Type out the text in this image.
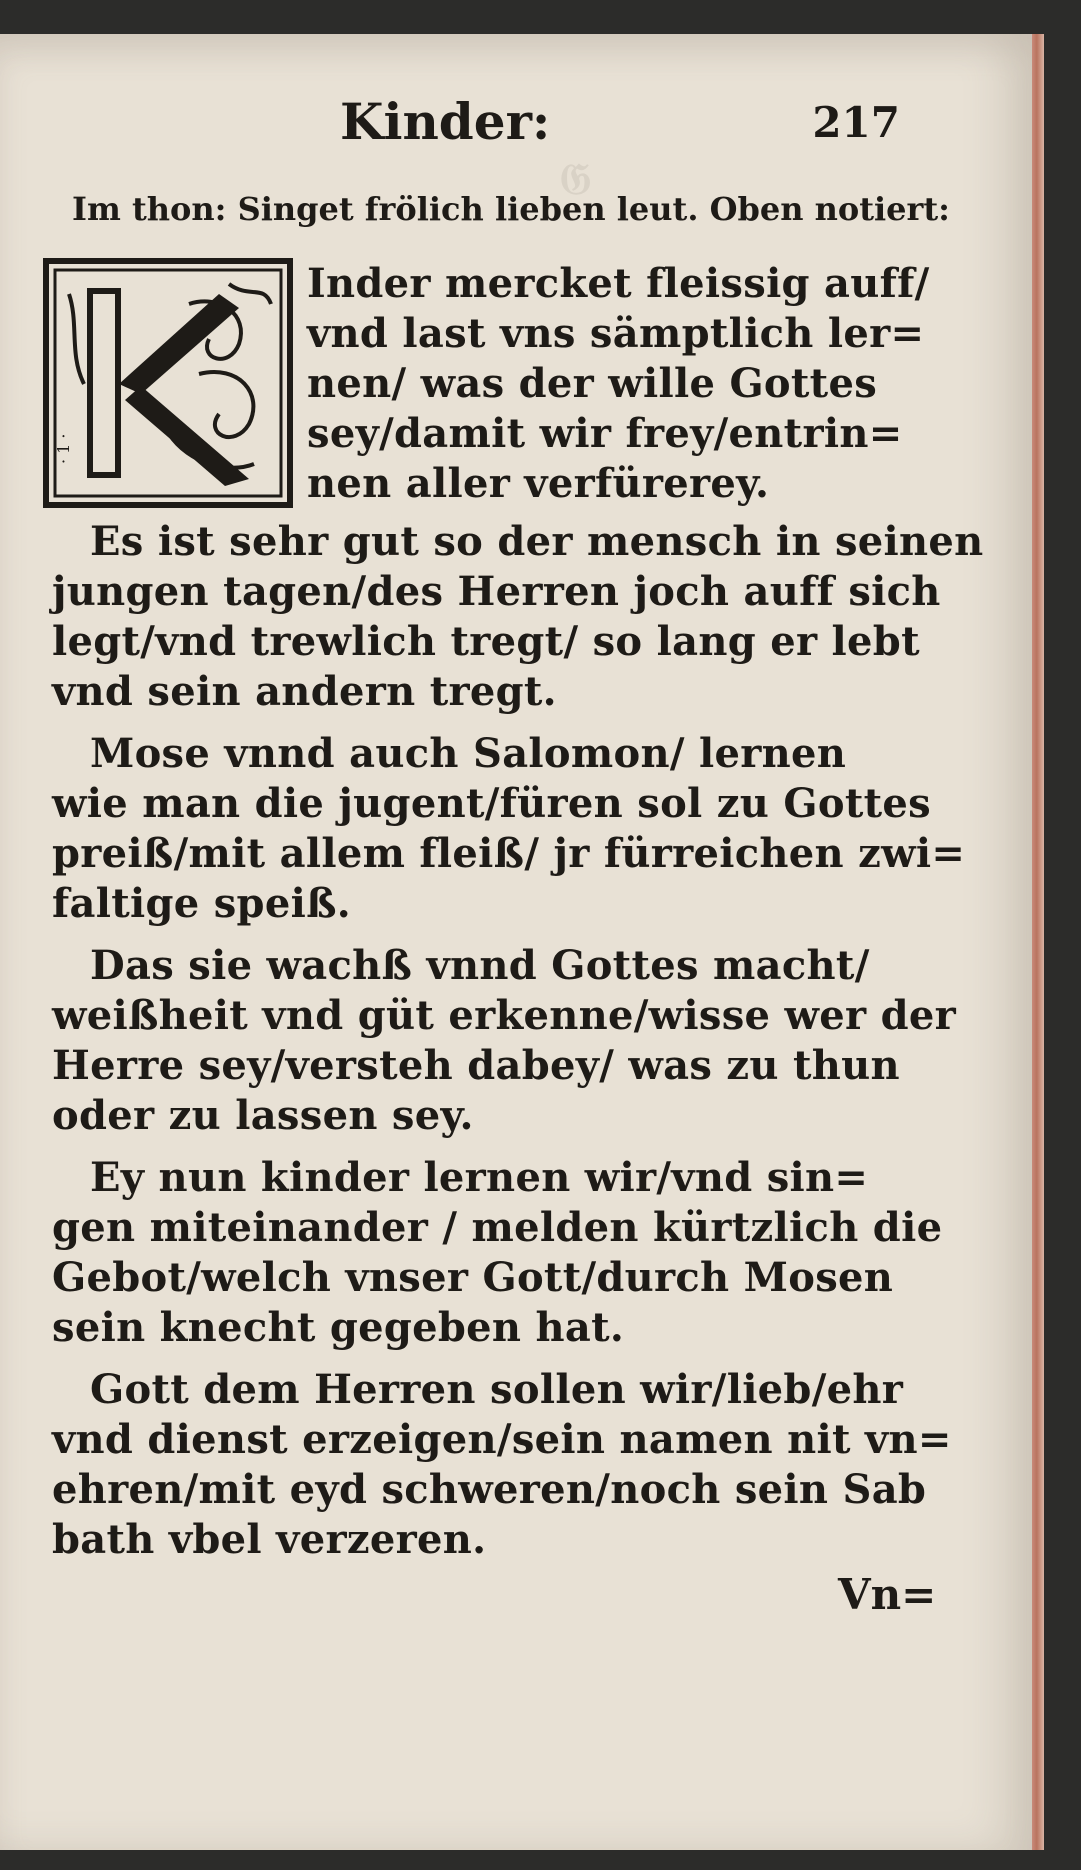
𝔊
Kinder:	217
Im thon: Singet frölich lieben leut. Oben notiert:
· 1 ·
Inder mercket fleissig auff/
vnd last vns sämptlich ler=
nen/ was der wille Gottes
sey/damit wir frey/entrin=
nen aller verfürerey.
Es ist sehr gut so der mensch in seinen
jungen tagen/des Herren joch auff sich
legt/vnd trewlich tregt/ so lang er lebt
vnd sein andern tregt.
Mose vnnd auch Salomon/ lernen
wie man die jugent/füren sol zu Gottes
preiß/mit allem fleiß/ jr fürreichen zwi=
faltige speiß.
Das sie wachß vnnd Gottes macht/
weißheit vnd güt erkenne/wisse wer der
Herre sey/versteh dabey/ was zu thun
oder zu lassen sey.
Ey nun kinder lernen wir/vnd sin=
gen miteinander / melden kürtzlich die
Gebot/welch vnser Gott/durch Mosen
sein knecht gegeben hat.
Gott dem Herren sollen wir/lieb/ehr
vnd dienst erzeigen/sein namen nit vn=
ehren/mit eyd schweren/noch sein Sab
bath vbel verzeren.
Vn=
